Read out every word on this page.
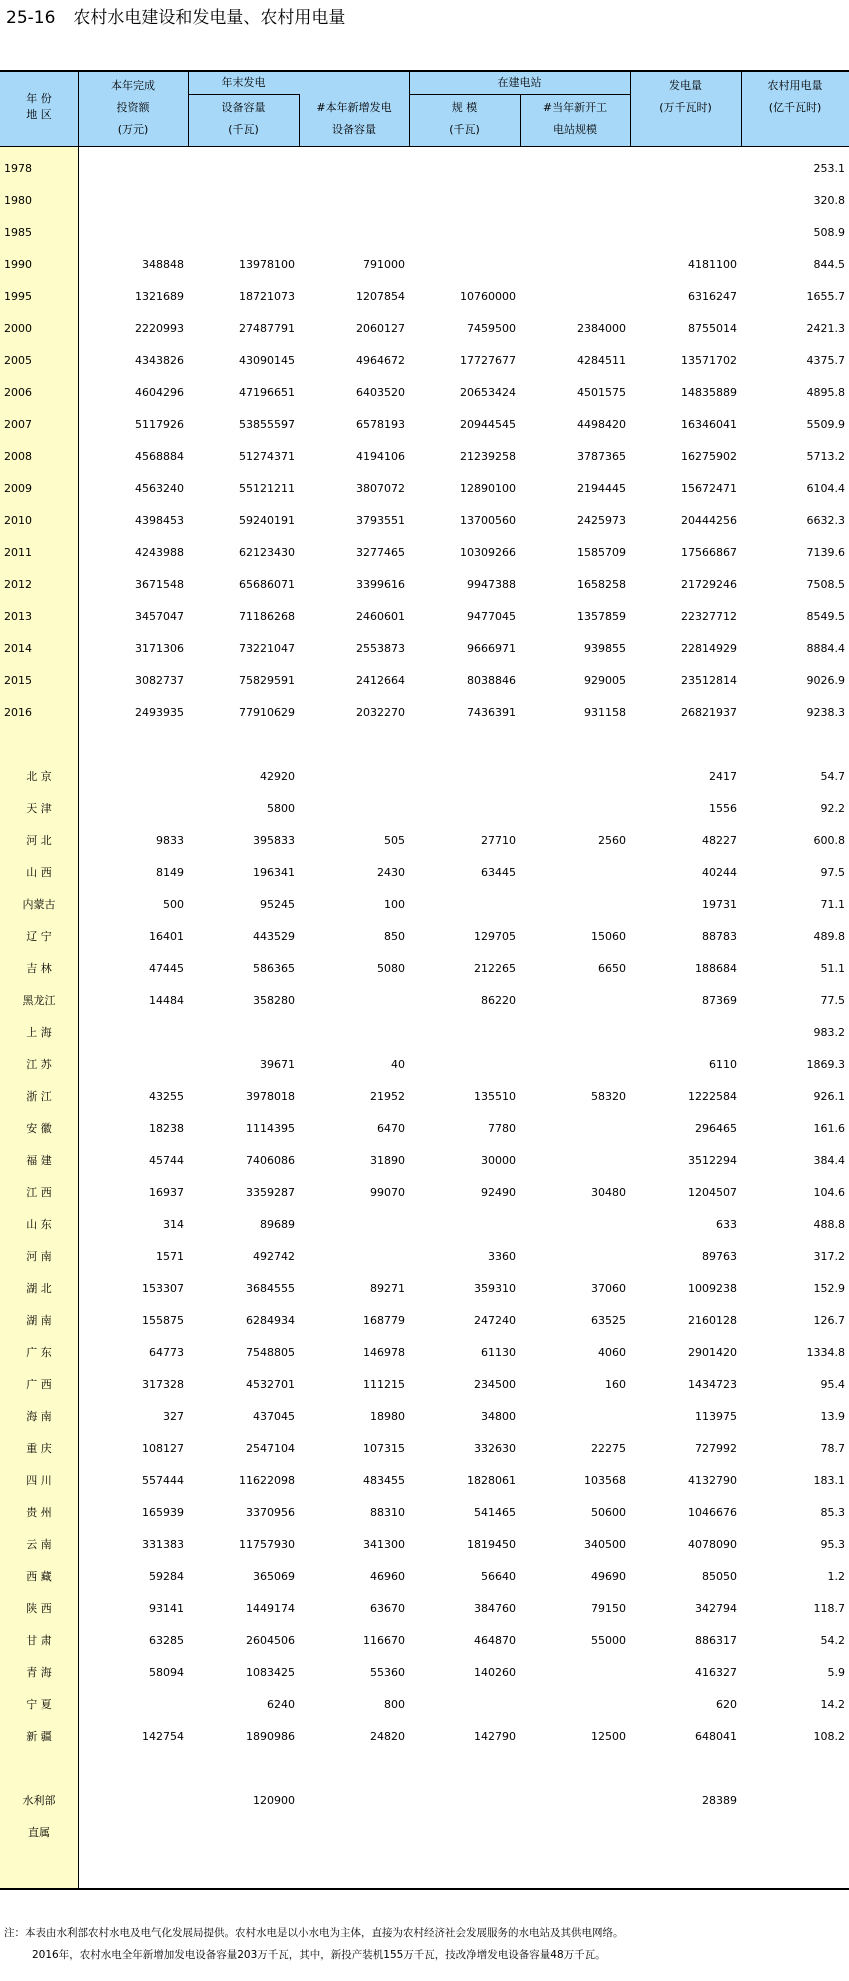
25-16 农村水电建设和发电量、农村用电量
年 份
地 区
本年完成
投资额
(万元)
年末发电
设备容量
(千瓦)
#本年新增发电
设备容量
在建电站
规 模
(千瓦)
#当年新开工
电站规模
发电量
(万千瓦时)
农村用电量
(亿千瓦时)
1978							253.1
1980							320.8
1985							508.9
1990	348848	13978100	791000			4181100	844.5
1995	1321689	18721073	1207854	10760000		6316247	1655.7
2000	2220993	27487791	2060127	7459500	2384000	8755014	2421.3
2005	4343826	43090145	4964672	17727677	4284511	13571702	4375.7
2006	4604296	47196651	6403520	20653424	4501575	14835889	4895.8
2007	5117926	53855597	6578193	20944545	4498420	16346041	5509.9
2008	4568884	51274371	4194106	21239258	3787365	16275902	5713.2
2009	4563240	55121211	3807072	12890100	2194445	15672471	6104.4
2010	4398453	59240191	3793551	13700560	2425973	20444256	6632.3
2011	4243988	62123430	3277465	10309266	1585709	17566867	7139.6
2012	3671548	65686071	3399616	9947388	1658258	21729246	7508.5
2013	3457047	71186268	2460601	9477045	1357859	22327712	8549.5
2014	3171306	73221047	2553873	9666971	939855	22814929	8884.4
2015	3082737	75829591	2412664	8038846	929005	23512814	9026.9
2016	2493935	77910629	2032270	7436391	931158	26821937	9238.3

北 京		42920				2417	54.7
天 津		5800				1556	92.2
河 北	9833	395833	505	27710	2560	48227	600.8
山 西	8149	196341	2430	63445		40244	97.5
内蒙古	500	95245	100			19731	71.1
辽 宁	16401	443529	850	129705	15060	88783	489.8
吉 林	47445	586365	5080	212265	6650	188684	51.1
黑龙江	14484	358280		86220		87369	77.5
上 海							983.2
江 苏		39671	40			6110	1869.3
浙 江	43255	3978018	21952	135510	58320	1222584	926.1
安 徽	18238	1114395	6470	7780		296465	161.6
福 建	45744	7406086	31890	30000		3512294	384.4
江 西	16937	3359287	99070	92490	30480	1204507	104.6
山 东	314	89689				633	488.8
河 南	1571	492742		3360		89763	317.2
湖 北	153307	3684555	89271	359310	37060	1009238	152.9
湖 南	155875	6284934	168779	247240	63525	2160128	126.7
广 东	64773	7548805	146978	61130	4060	2901420	1334.8
广 西	317328	4532701	111215	234500	160	1434723	95.4
海 南	327	437045	18980	34800		113975	13.9
重 庆	108127	2547104	107315	332630	22275	727992	78.7
四 川	557444	11622098	483455	1828061	103568	4132790	183.1
贵 州	165939	3370956	88310	541465	50600	1046676	85.3
云 南	331383	11757930	341300	1819450	340500	4078090	95.3
西 藏	59284	365069	46960	56640	49690	85050	1.2
陕 西	93141	1449174	63670	384760	79150	342794	118.7
甘 肃	63285	2604506	116670	464870	55000	886317	54.2
青 海	58094	1083425	55360	140260		416327	5.9
宁 夏		6240	800			620	14.2
新 疆	142754	1890986	24820	142790	12500	648041	108.2

水利部		120900				28389	
直属							
注：本表由水利部农村水电及电气化发展局提供。农村水电是以小水电为主体，直接为农村经济社会发展服务的水电站及其供电网络。
2016年，农村水电全年新增加发电设备容量203万千瓦，其中，新投产装机155万千瓦，技改净增发电设备容量48万千瓦。
